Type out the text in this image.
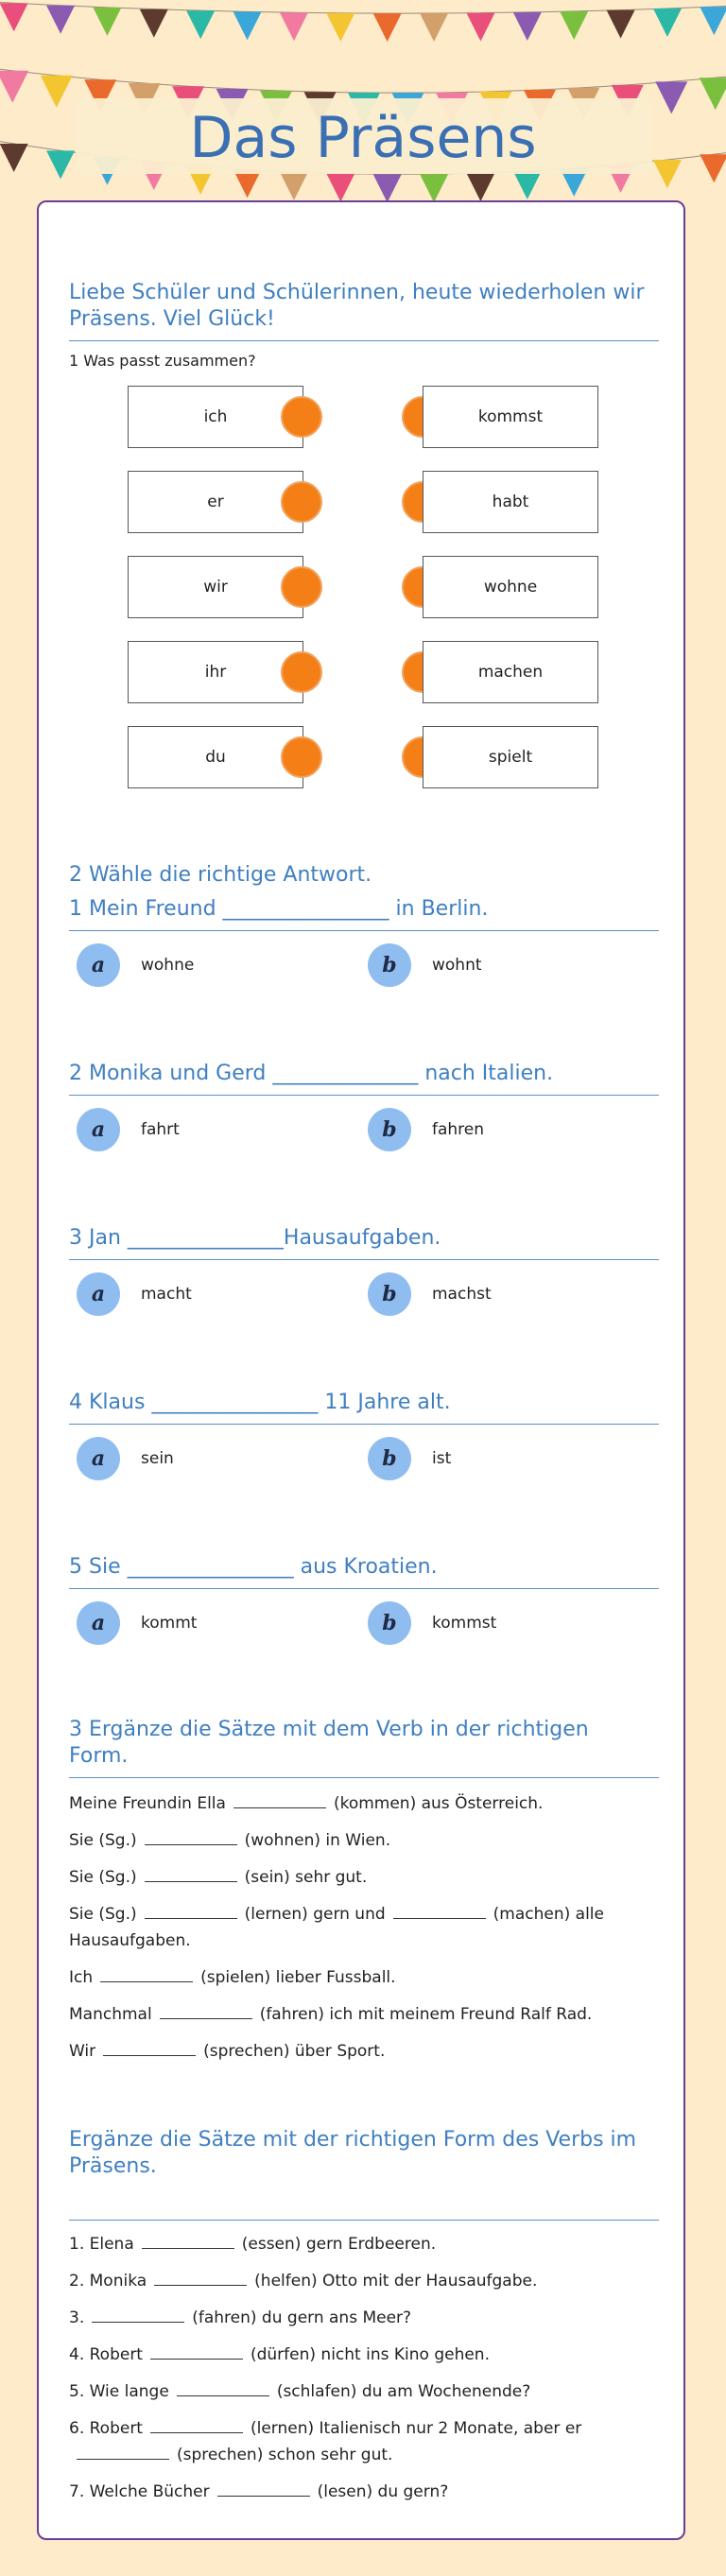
Das Präsens
Liebe Schüler und Schülerinnen, heute wiederholen wir Präsens. Viel Glück!
1 Was passt zusammen?
ich	kommst
er	habt
wir	wohne
ihr	machen
du	spielt
2 Wähle die richtige Antwort.
1 Mein Freund ________________ in Berlin.
a	wohne	b	wohnt
2 Monika und Gerd ______________ nach Italien.
a	fahrt	b	fahren
3 Jan _______________Hausaufgaben.
a	macht	b	machst
4 Klaus ________________ 11 Jahre alt.
a	sein	b	ist
5 Sie ________________ aus Kroatien.
a	kommt	b	kommst
3 Ergänze die Sätze mit dem Verb in der richtigen Form.
Meine Freundin Ella	(kommen) aus Österreich.
Sie (Sg.)	(wohnen) in Wien.
Sie (Sg.)	(sein) sehr gut.
Sie (Sg.)	(lernen) gern und	(machen) alle Hausaufgaben.
Ich	(spielen) lieber Fussball.
Manchmal	(fahren) ich mit meinem Freund Ralf Rad.
Wir	(sprechen) über Sport.
Ergänze die Sätze mit der richtigen Form des Verbs im Präsens.
1. Elena	(essen) gern Erdbeeren.
2. Monika	(helfen) Otto mit der Hausaufgabe.
3.	(fahren) du gern ans Meer?
4. Robert	(dürfen) nicht ins Kino gehen.
5. Wie lange	(schlafen) du am Wochenende?
6. Robert	(lernen) Italienisch nur 2 Monate, aber er(sprechen) schon sehr gut.
7. Welche Bücher	(lesen) du gern?
